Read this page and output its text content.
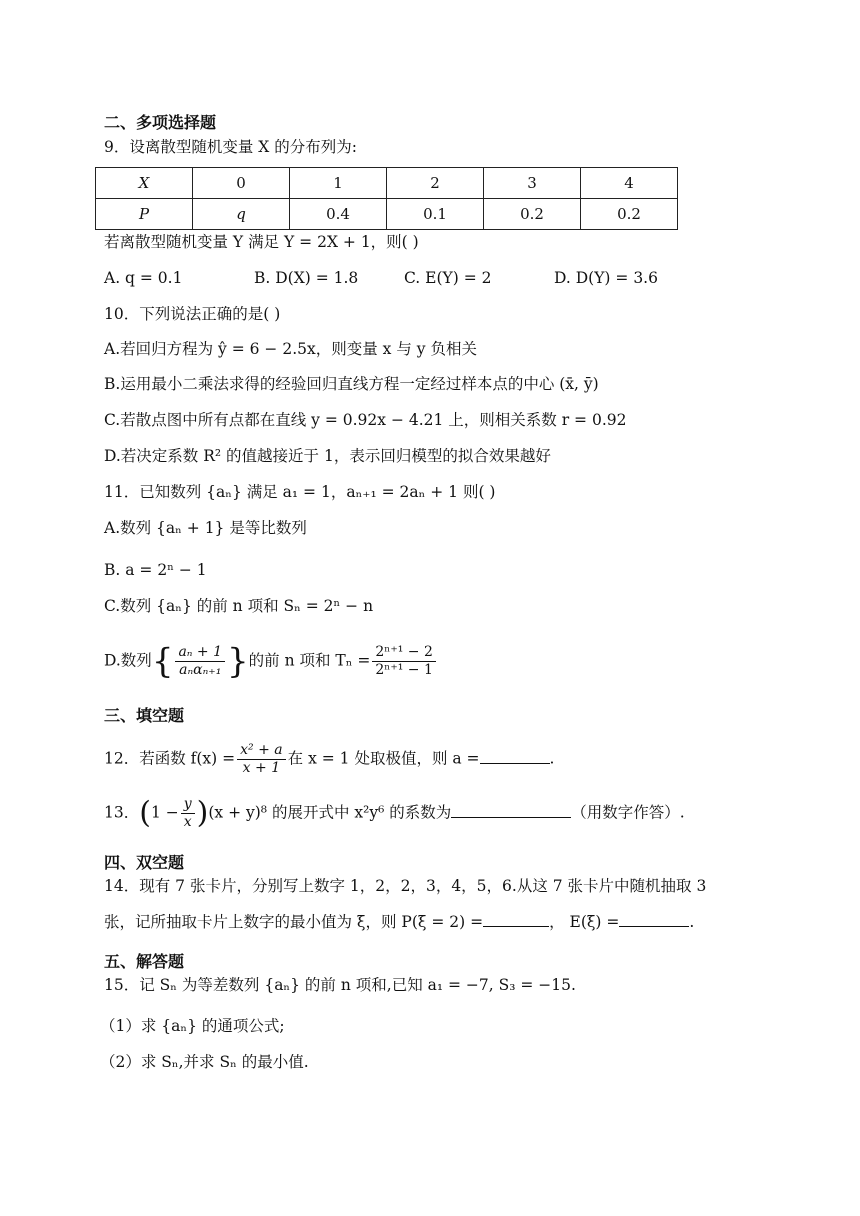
二、多项选择题
9．设离散型随机变量 X 的分布列为:
X	0	1	2	3	4
P	q	0.4	0.1	0.2	0.2
若离散型随机变量 Y 满足 Y = 2X + 1，则( )
A. q = 0.1	B. D(X) = 1.8	C. E(Y) = 2	D. D(Y) = 3.6
10．下列说法正确的是( )
A.若回归方程为 ŷ = 6 − 2.5x，则变量 x 与 y 负相关
B.运用最小二乘法求得的经验回归直线方程一定经过样本点的中心 (x̄, ȳ)
C.若散点图中所有点都在直线 y = 0.92x − 4.21 上，则相关系数 r = 0.92
D.若决定系数 R² 的值越接近于 1，表示回归模型的拟合效果越好
11．已知数列 {aₙ} 满足 a₁ = 1，aₙ₊₁ = 2aₙ + 1 则( )
A.数列 {aₙ + 1} 是等比数列
B. a = 2ⁿ − 1
C.数列 {aₙ} 的前 n 项和 Sₙ = 2ⁿ − n
D.数列{ $\frac{\text{aₙ + 1}}{\text{aₙαₙ₊₁}}$ }的前 n 项和 $T_n = \frac{\text{2ⁿ⁺¹ − 2}}{\text{2ⁿ⁺¹ − 1}}$
三、填空题
12．若函数 $f(x) = \frac{\text{x² + a}}{x + 1}$ 在 x = 1 处取极值，则 a =	.
13．$(1 - \frac{y}{x} )(x + y)^8$ 的展开式中 x²y⁶ 的系数为	（用数字作答）.
四、双空题
14．现有 7 张卡片，分别写上数字 1，2，2，3，4，5，6.从这 7 张卡片中随机抽取 3
张，记所抽取卡片上数字的最小值为 ξ，则 P(ξ = 2) =	， E(ξ) =	.
五、解答题
15．记 Sₙ 为等差数列 {aₙ} 的前 n 项和,已知 a₁ = −7, S₃ = −15.
（1）求 {aₙ} 的通项公式;
（2）求 Sₙ,并求 Sₙ 的最小值.
